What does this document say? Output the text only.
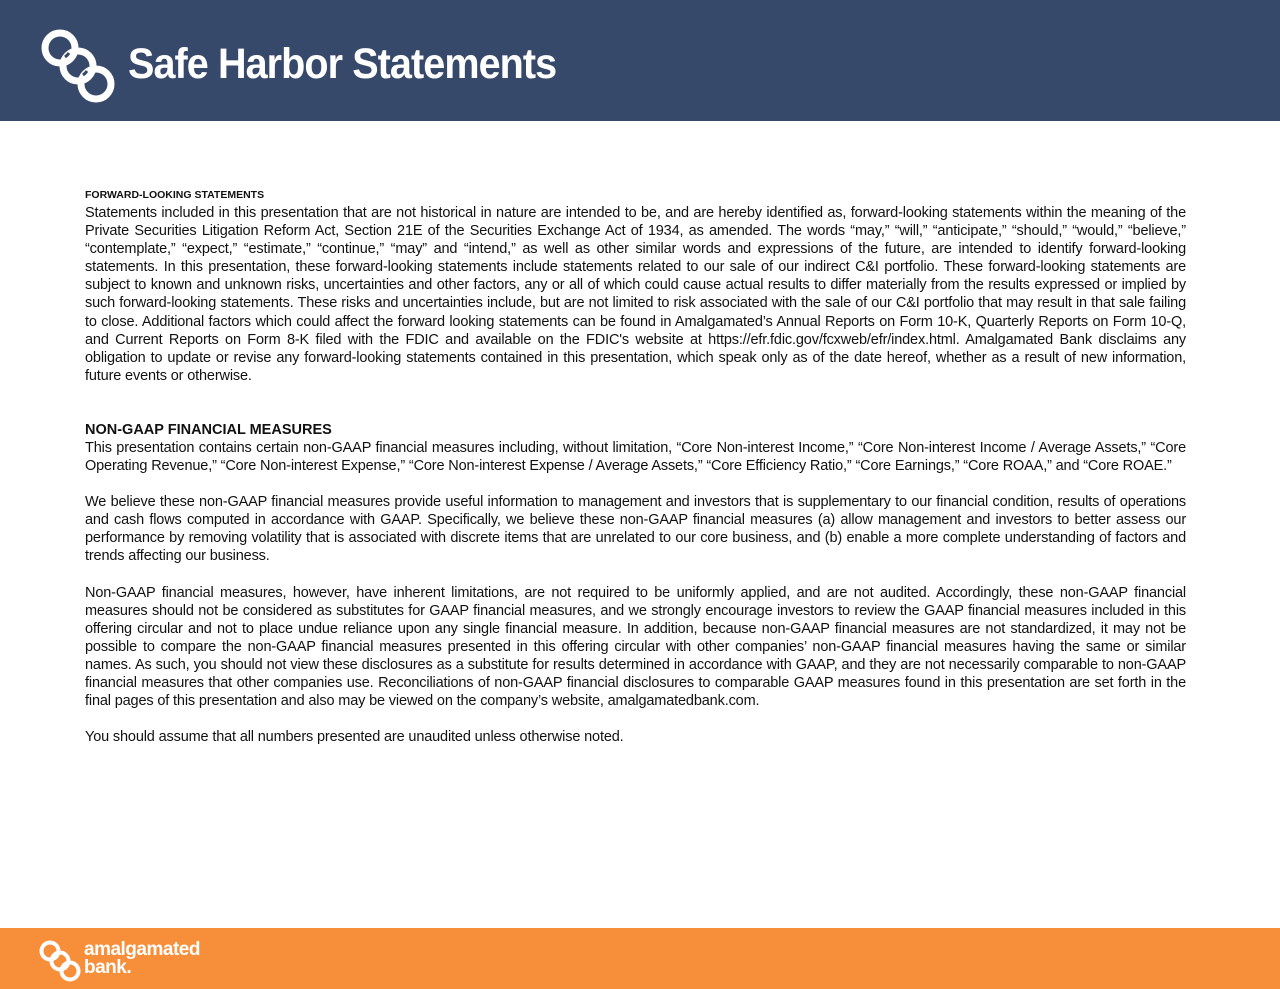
Safe Harbor Statements
FORWARD-LOOKING STATEMENTS

Statements included in this presentation that are not historical in nature are intended to be, and are hereby identified as, forward-looking statements within the meaning of the Private Securities Litigation Reform Act, Section 21E of the Securities Exchange Act of 1934, as amended. The words “may,” “will,” “anticipate,” “should,” “would,” “believe,” “contemplate,” “expect,” “estimate,” “continue,” “may” and “intend,” as well as other similar words and expressions of the future, are intended to identify forward-looking statements. In this presentation, these forward-looking statements include statements related to our sale of our indirect C&I portfolio. These forward-looking statements are subject to known and unknown risks, uncertainties and other factors, any or all of which could cause actual results to differ materially from the results expressed or implied by such forward-looking statements. These risks and uncertainties include, but are not limited to risk associated with the sale of our C&I portfolio that may result in that sale failing to close. Additional factors which could affect the forward looking statements can be found in Amalgamated’s Annual Reports on Form 10-K, Quarterly Reports on Form 10-Q, and Current Reports on Form 8-K filed with the FDIC and available on the FDIC's website at https://efr.fdic.gov/fcxweb/efr/index.html. Amalgamated Bank disclaims any obligation to update or revise any forward-looking statements contained in this presentation, which speak only as of the date hereof, whether as a result of new information, future events or otherwise.

NON-GAAP FINANCIAL MEASURES

This presentation contains certain non-GAAP financial measures including, without limitation, “Core Non-interest Income,” “Core Non-interest Income / Average Assets,” “Core Operating Revenue,” “Core Non-interest Expense,” “Core Non-interest Expense / Average Assets,” “Core Efficiency Ratio,” “Core Earnings,” “Core ROAA,” and “Core ROAE.”

We believe these non-GAAP financial measures provide useful information to management and investors that is supplementary to our financial condition, results of operations and cash flows computed in accordance with GAAP. Specifically, we believe these non-GAAP financial measures (a) allow management and investors to better assess our performance by removing volatility that is associated with discrete items that are unrelated to our core business, and (b) enable a more complete understanding of factors and trends affecting our business.

Non-GAAP financial measures, however, have inherent limitations, are not required to be uniformly applied, and are not audited. Accordingly, these non-GAAP financial measures should not be considered as substitutes for GAAP financial measures, and we strongly encourage investors to review the GAAP financial measures included in this offering circular and not to place undue reliance upon any single financial measure. In addition, because non-GAAP financial measures are not standardized, it may not be possible to compare the non-GAAP financial measures presented in this offering circular with other companies’ non-GAAP financial measures having the same or similar names. As such, you should not view these disclosures as a substitute for results determined in accordance with GAAP, and they are not necessarily comparable to non-GAAP financial measures that other companies use. Reconciliations of non-GAAP financial disclosures to comparable GAAP measures found in this presentation are set forth in the final pages of this presentation and also may be viewed on the company’s website, amalgamatedbank.com.

You should assume that all numbers presented are unaudited unless otherwise noted.

amalgamated
bank.
